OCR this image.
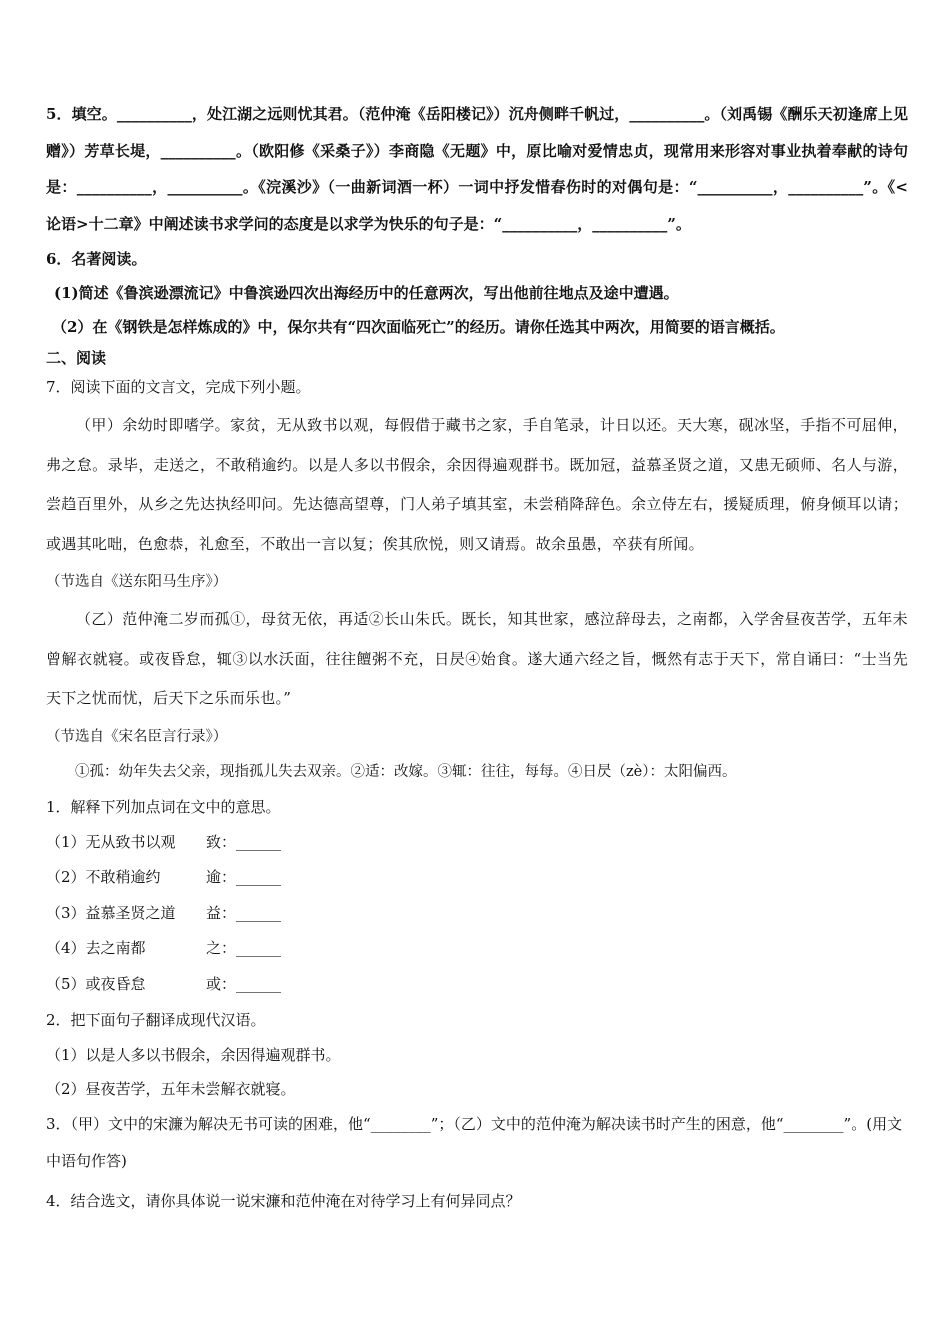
5．填空。__________，处江湖之远则忧其君。（范仲淹《岳阳楼记》）沉舟侧畔千帆过，__________。（刘禹锡《酬乐天初逢席上见赠》）芳草长堤，__________。（欧阳修《采桑子》）李商隐《无题》中，原比喻对爱情忠贞，现常用来形容对事业执着奉献的诗句是：__________，__________。《浣溪沙》（一曲新词酒一杯）一词中抒发惜春伤时的对偶句是：“__________，__________”。《<论语>十二章》中阐述读书求学问的态度是以求学为快乐的句子是：“__________，__________”。

6．名著阅读。

(1)简述《鲁滨逊漂流记》中鲁滨逊四次出海经历中的任意两次，写出他前往地点及途中遭遇。

（2）在《钢铁是怎样炼成的》中，保尔共有“四次面临死亡”的经历。请你任选其中两次，用简要的语言概括。

二、阅读

7．阅读下面的文言文，完成下列小题。

（甲）余幼时即嗜学。家贫，无从致书以观，每假借于藏书之家，手自笔录，计日以还。天大寒，砚冰坚，手指不可屈伸，弗之怠。录毕，走送之，不敢稍逾约。以是人多以书假余，余因得遍观群书。既加冠，益慕圣贤之道，又患无硕师、名人与游，尝趋百里外，从乡之先达执经叩问。先达德高望尊，门人弟子填其室，未尝稍降辞色。余立侍左右，援疑质理，俯身倾耳以请；或遇其叱咄，色愈恭，礼愈至，不敢出一言以复；俟其欣悦，则又请焉。故余虽愚，卒获有所闻。

（节选自《送东阳马生序》）

（乙）范仲淹二岁而孤①，母贫无依，再适②长山朱氏。既长，知其世家，感泣辞母去，之南都，入学舍昼夜苦学，五年未曾解衣就寝。或夜昏怠，辄③以水沃面，往往饘粥不充，日昃④始食。遂大通六经之旨，慨然有志于天下，常自诵曰：“士当先天下之忧而忧，后天下之乐而乐也。”

（节选自《宋名臣言行录》）

①孤：幼年失去父亲，现指孤儿失去双亲。②适：改嫁。③辄：往往，每每。④日昃（zè）：太阳偏西。

1．解释下列加点词在文中的意思。

（1）无从致书以观 致：______

（2）不敢稍逾约	逾：______

（3）益慕圣贤之道 益：______

（4）去之南都	之：______

（5）或夜昏怠	或：______

2．把下面句子翻译成现代汉语。

（1）以是人多以书假余，余因得遍观群书。

（2）昼夜苦学，五年未尝解衣就寝。

3．（甲）文中的宋濂为解决无书可读的困难，他“________”；（乙）文中的范仲淹为解决读书时产生的困意，他“________”。(用文中语句作答)

4．结合选文，请你具体说一说宋濂和范仲淹在对待学习上有何异同点？
